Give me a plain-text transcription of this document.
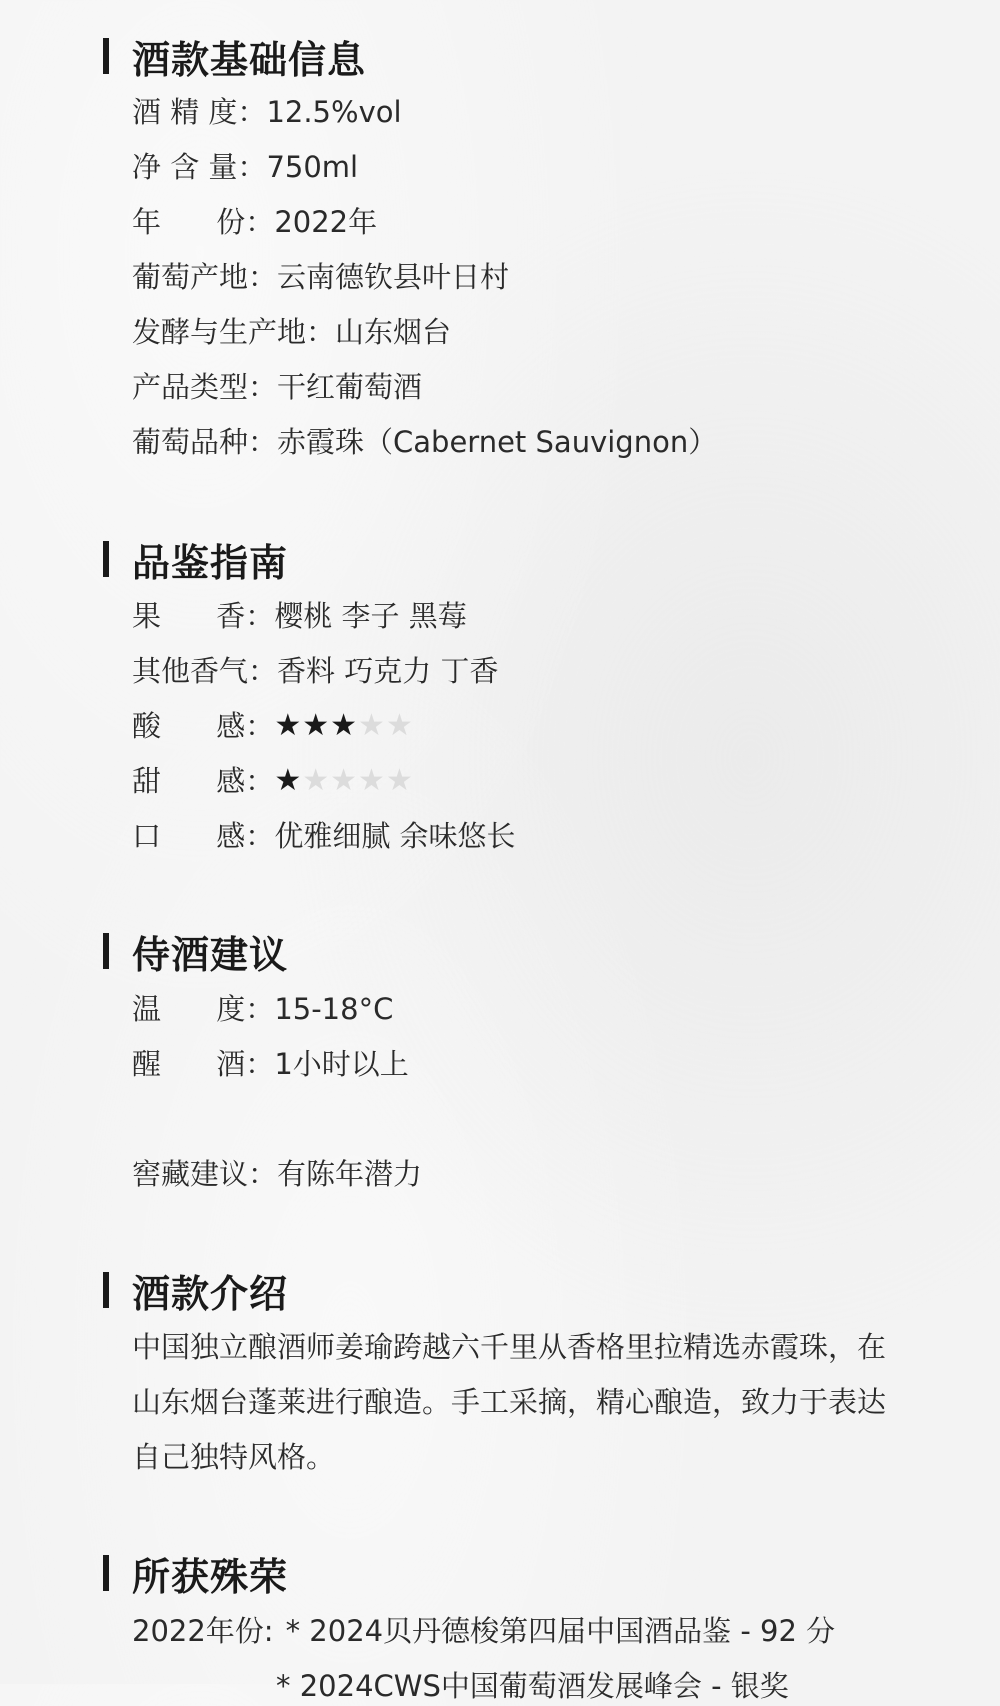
酒款基础信息
酒 精 度： 12.5%vol
净 含 量： 750ml
年      份： 2022年
葡萄产地： 云南德钦县叶日村
发酵与生产地： 山东烟台
产品类型： 干红葡萄酒
葡萄品种： 赤霞珠（Cabernet Sauvignon）
品鉴指南
果      香： 樱桃 李子 黑莓
其他香气： 香料 巧克力 丁香
酸      感： ★ ★ ★ ★ ★
甜      感： ★ ★ ★ ★ ★
口      感： 优雅细腻 余味悠长
侍酒建议
温      度： 15-18°C
醒      酒： 1小时以上
窖藏建议： 有陈年潜力
酒款介绍
中国独立酿酒师姜瑜跨越六千里从香格里拉精选赤霞珠，在
山东烟台蓬莱进行酿造。手工采摘，精心酿造，致力于表达
自己独特风格。
所获殊荣
2022年份: * 2024贝丹德梭第四届中国酒品鉴 - 92 分
* 2024CWS中国葡萄酒发展峰会 - 银奖
